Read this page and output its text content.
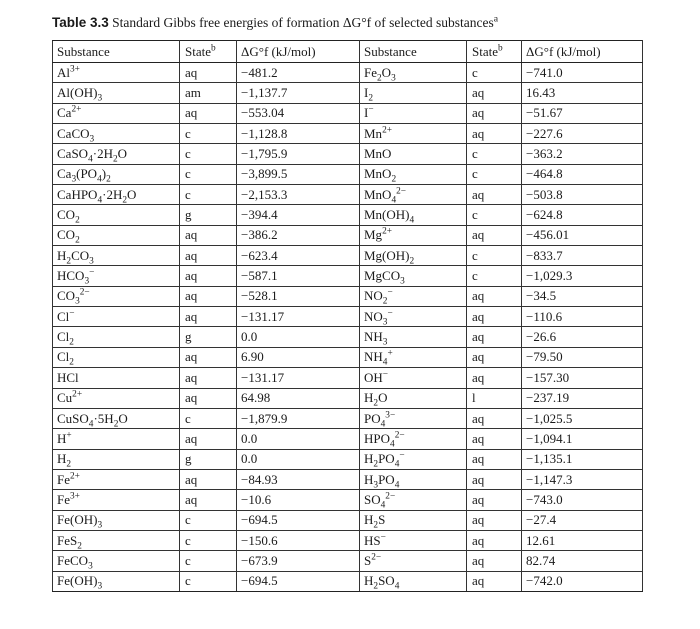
Table 3.3 Standard Gibbs free energies of formation ΔG°f of selected substances$^a$
Substance	State$^b$	ΔG°f (kJ/mol)	Substance	State$^b$	ΔG°f (kJ/mol)
$Al^{3+}$	aq	−481.2	$Fe_2O_3$	c	−741.0
$Al(OH)_3$	am	−1,137.7	$I_2$	aq	16.43
$Ca^{2+}$	aq	−553.04	I−	aq	−51.67
CaCO$_3$	c	−1,128.8	$Mn^{2+}$	aq	−227.6
$CaSO_4\cdot 2H_2O$	c	−1,795.9	MnO	c	−363.2
$Ca_3(PO_4)_2$	c	−3,899.5	MnO$_2$	c	−464.8
$CaHPO_4\cdot 2H_2O$	c	−2,153.3	MnO$_4^{2-}$	aq	−503.8
$CO_2$	g	−394.4	$Mn(OH)_4$	c	−624.8
$CO_2$	aq	−386.2	$Mg^{2+}$	aq	−456.01
$H_2CO_3$	aq	−623.4	$Mg(OH)_2$	c	−833.7
$HCO_3^-$	aq	−587.1	MgCO$_3$	c	−1,029.3
$CO_3^{2-}$	aq	−528.1	$NO_2^-$	aq	−34.5
Cl−	aq	−131.17	$NO_3^-$	aq	−110.6
$Cl_2$	g	0.0	$NH_3$	aq	−26.6
$Cl_2$	aq	6.90	$NH_4^+$	aq	−79.50
HCl	aq	−131.17	OH−	aq	−157.30
$Cu^{2+}$	aq	64.98	$H_2O$	l	−237.19
$CuSO_4\cdot 5H_2O$	c	−1,879.9	$PO_4^{3-}$	aq	−1,025.5
H+	aq	0.0	$HPO_4^{2-}$	aq	−1,094.1
$H_2$	g	0.0	$H_2PO_4^-$	aq	−1,135.1
$Fe^{2+}$	aq	−84.93	$H_3PO_4$	aq	−1,147.3
$Fe^{3+}$	aq	−10.6	$SO_4^{2-}$	aq	−743.0
$Fe(OH)_3$	c	−694.5	$H_2S$	aq	−27.4
FeS$_2$	c	−150.6	HS−	aq	12.61
FeCO$_3$	c	−673.9	$S^{2-}$	aq	82.74
$Fe(OH)_3$	c	−694.5	$H_2SO_4$	aq	−742.0
